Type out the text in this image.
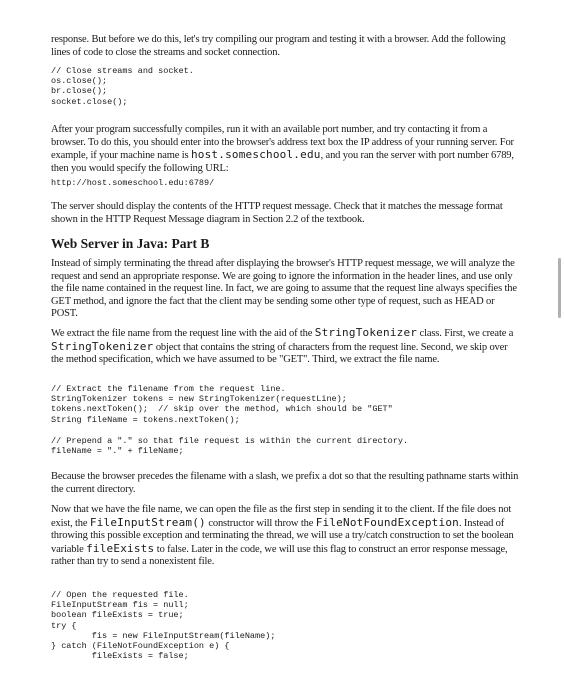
response. But before we do this, let's try compiling our program and testing it with a browser. Add the following lines of code to close the streams and socket connection.

// Close streams and socket.
os.close();
br.close();
socket.close();

After your program successfully compiles, run it with an available port number, and try contacting it from a browser. To do this, you should enter into the browser's address text box the IP address of your running server. For example, if your machine name is host.someschool.edu, and you ran the server with port number 6789, then you would specify the following URL:

http://host.someschool.edu:6789/

The server should display the contents of the HTTP request message. Check that it matches the message format shown in the HTTP Request Message diagram in Section 2.2 of the textbook.

Web Server in Java: Part B

Instead of simply terminating the thread after displaying the browser's HTTP request message, we will analyze the request and send an appropriate response. We are going to ignore the information in the header lines, and use only the file name contained in the request line. In fact, we are going to assume that the request line always specifies the GET method, and ignore the fact that the client may be sending some other type of request, such as HEAD or POST.

We extract the file name from the request line with the aid of the StringTokenizer class. First, we create a StringTokenizer object that contains the string of characters from the request line. Second, we skip over the method specification, which we have assumed to be "GET". Third, we extract the file name.

// Extract the filename from the request line.
StringTokenizer tokens = new StringTokenizer(requestLine);
tokens.nextToken();  // skip over the method, which should be "GET"
String fileName = tokens.nextToken();
// Prepend a "." so that file request is within the current directory.
fileName = "." + fileName;

Because the browser precedes the filename with a slash, we prefix a dot so that the resulting pathname starts within the current directory.

Now that we have the file name, we can open the file as the first step in sending it to the client. If the file does not exist, the FileInputStream() constructor will throw the FileNotFoundException. Instead of throwing this possible exception and terminating the thread, we will use a try/catch construction to set the boolean variable fileExists to false. Later in the code, we will use this flag to construct an error response message, rather than try to send a nonexistent file.

// Open the requested file.
FileInputStream fis = null;
boolean fileExists = true;
try {
fis = new FileInputStream(fileName);
} catch (FileNotFoundException e) {
fileExists = false;
